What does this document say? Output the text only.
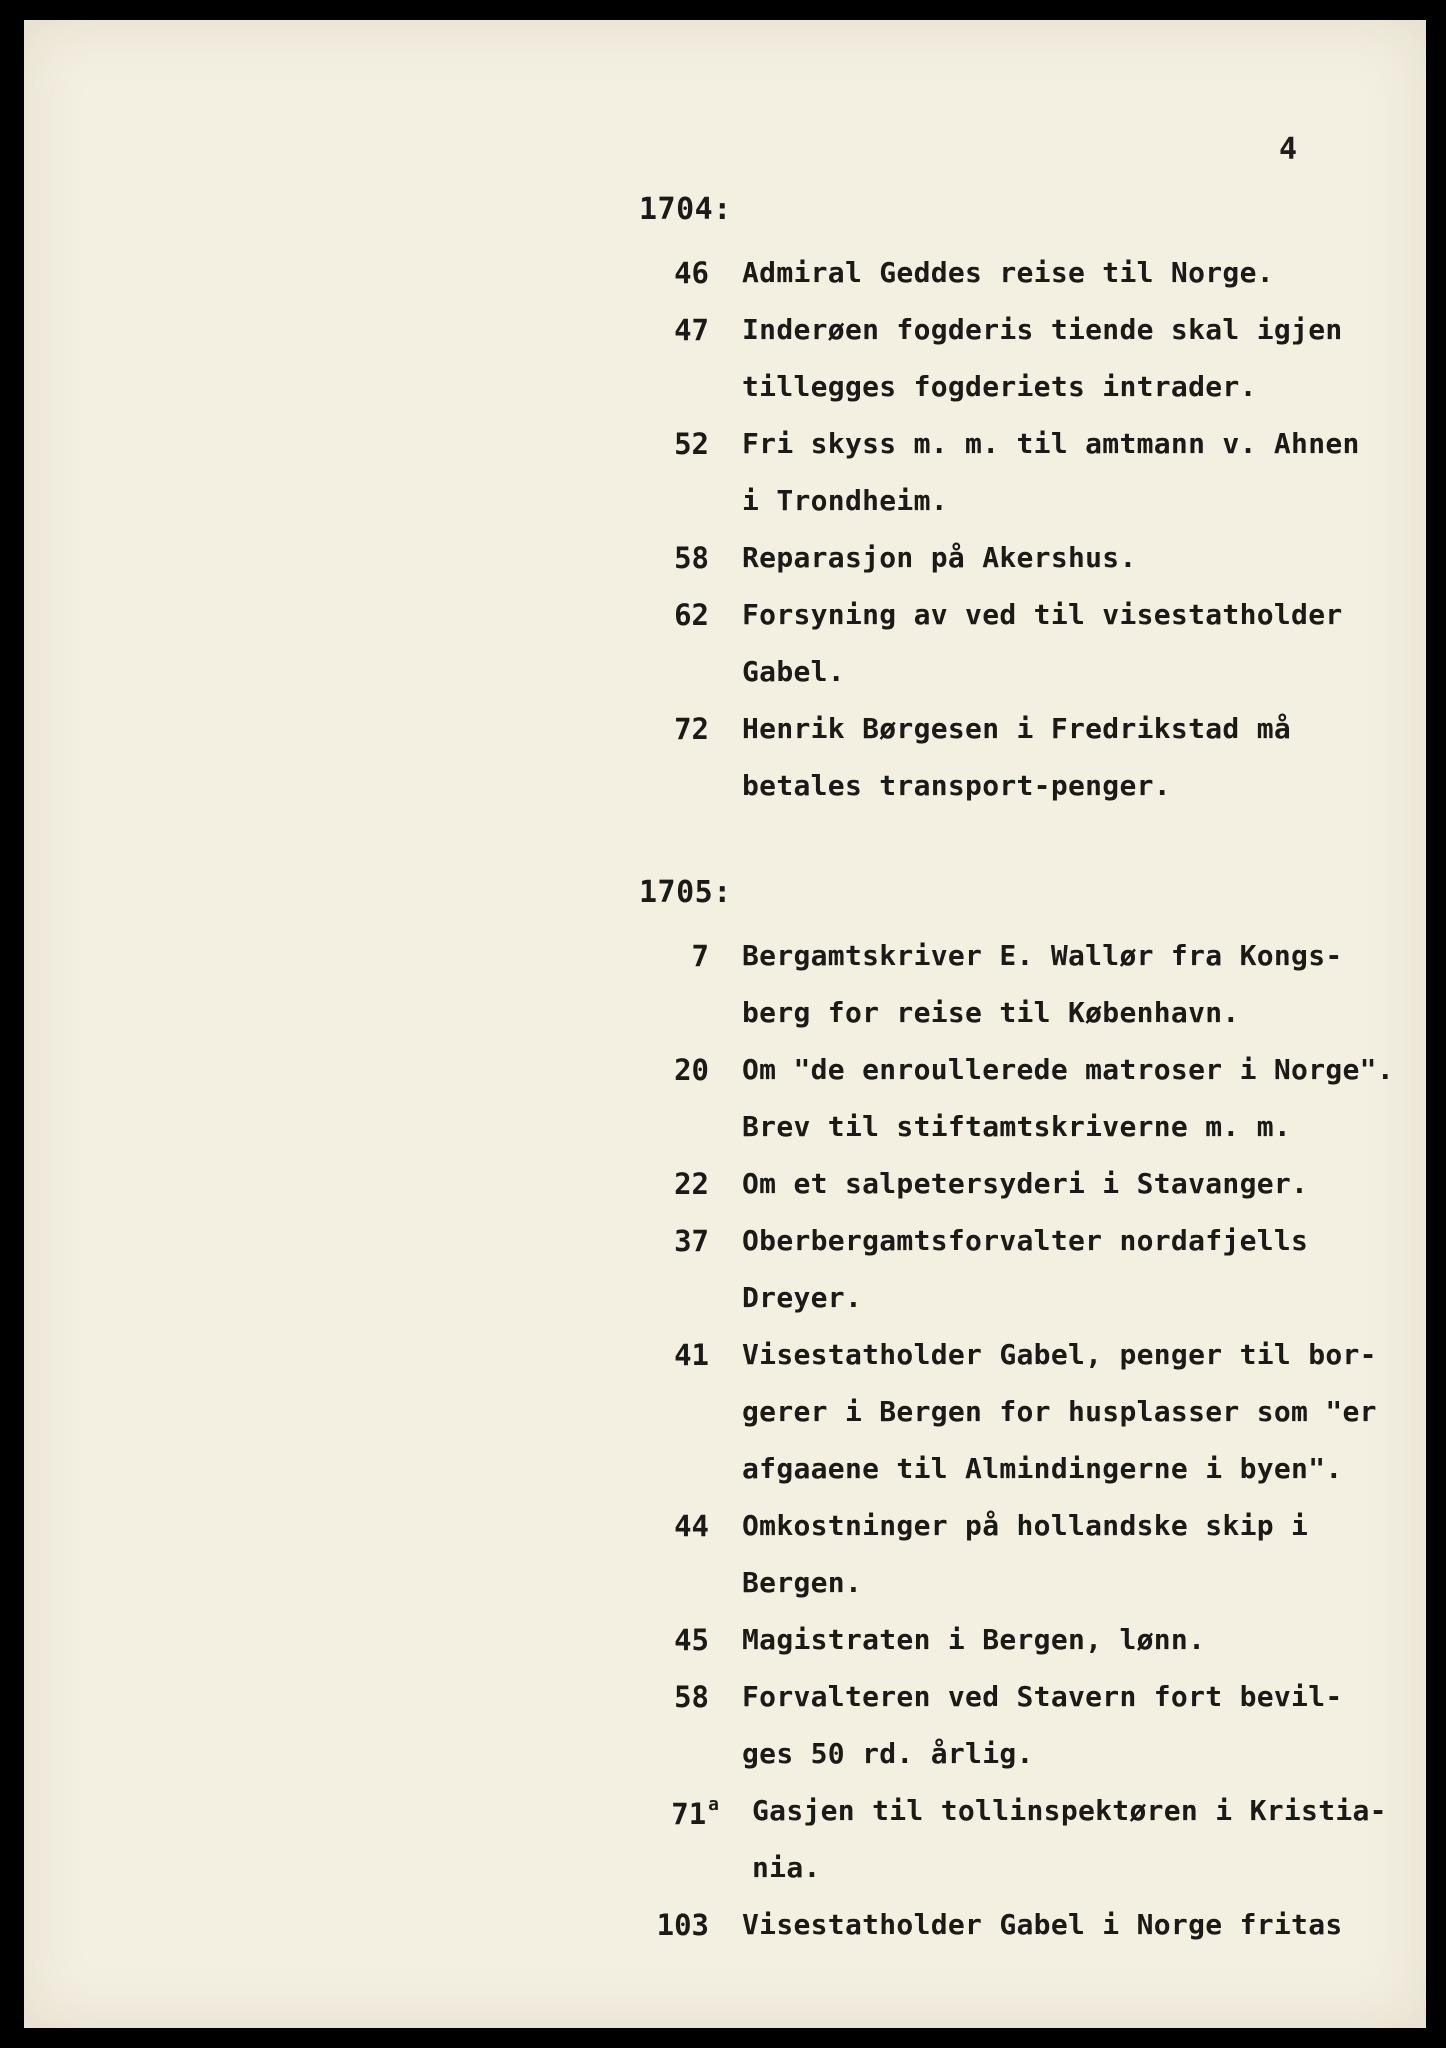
4
1704:
46 Admiral Geddes reise til Norge.
47 Inderøen fogderis tiende skal igjen
tillegges fogderiets intrader.
52 Fri skyss m. m. til amtmann v. Ahnen
i Trondheim.
58 Reparasjon på Akershus.
62 Forsyning av ved til visestatholder
Gabel.
72 Henrik Børgesen i Fredrikstad må
betales transport-penger.
1705:
7 Bergamtskriver E. Wallør fra Kongs-
berg for reise til København.
20 Om "de enroullerede matroser i Norge".
Brev til stiftamtskriverne m. m.
22 Om et salpetersyderi i Stavanger.
37 Oberbergamtsforvalter nordafjells
Dreyer.
41 Visestatholder Gabel, penger til bor-
gerer i Bergen for husplasser som "er
afgaaene til Almindingerne i byen".
44 Omkostninger på hollandske skip i
Bergen.
45 Magistraten i Bergen, lønn.
58 Forvalteren ved Stavern fort bevil-
ges 50 rd. årlig.
71 $^a$ Gasjen til tollinspektøren i Kristia-
nia.
103 Visestatholder Gabel i Norge fritas
